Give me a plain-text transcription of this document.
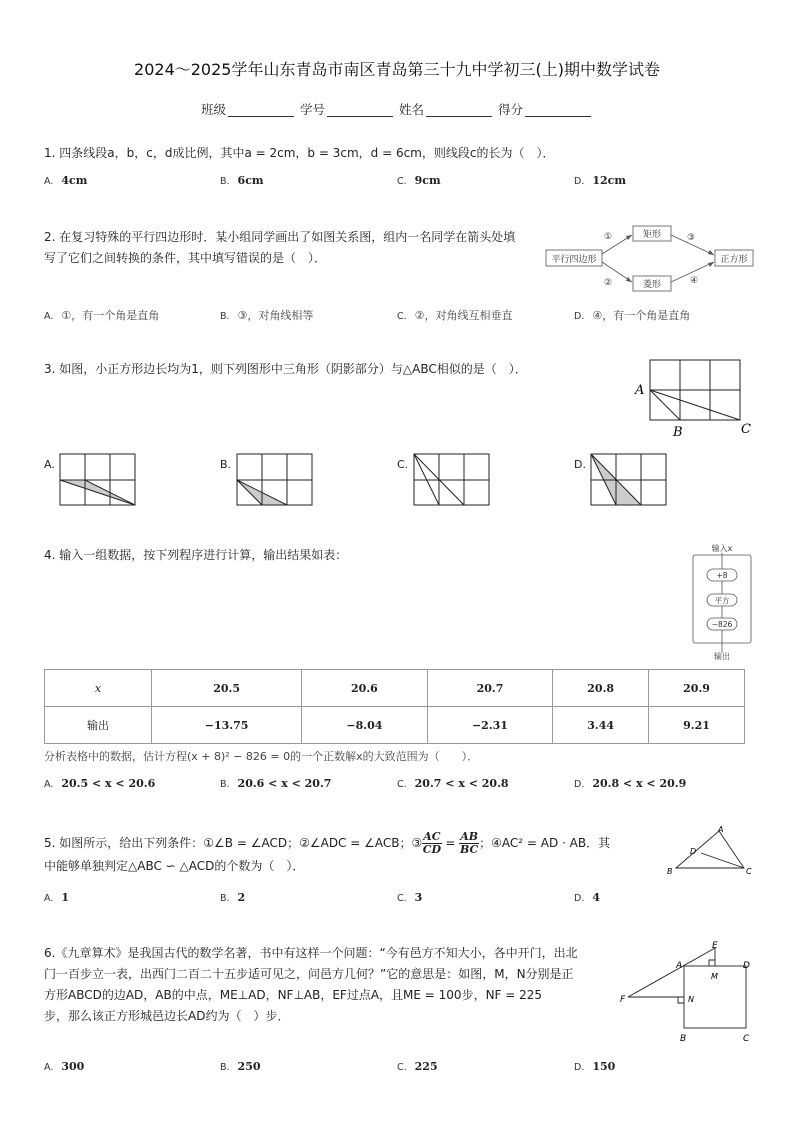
2024～2025学年山东青岛市南区青岛第三十九中学初三(上)期中数学试卷
班级	学号	姓名	得分
1. 四条线段a，b，c，d成比例，其中a = 2cm，b = 3cm，d = 6cm，则线段c的长为（　）．
A. 4cm	B. 6cm	C. 9cm	D. 12cm
2. 在复习特殊的平行四边形时．某小组同学画出了如图关系图，组内一名同学在箭头处填
写了它们之间转换的条件，其中填写错误的是（　）．	平行四边形
矩形
菱形
正方形
①
②
③
④
A. ①，有一个角是直角	B. ③，对角线相等	C. ②，对角线互相垂直	D. ④，有一个角是直角
3. 如图，小正方形边长均为1，则下列图形中三角形（阴影部分）与△ABC相似的是（　）．
A
B	C
A.	B.	C.	D.
4. 输入一组数据，按下列程序进行计算，输出结果如表：	输入x
+8
平方
−826
输出
x	20.5	20.6	20.7	20.8	20.9
输出	−13.75	−8.04	−2.31	3.44	9.21
分析表格中的数据，估计方程(x + 8)² − 826 = 0的一个正数解x的大致范围为（　　）．
A. 20.5 < x < 20.6	B. 20.6 < x < 20.7	C. 20.7 < x < 20.8	D. 20.8 < x < 20.9
5. 如图所示，给出下列条件：①∠B = ∠ACD；②∠ADC = ∠ACB；③ $\frac{AC}{CD} = \frac{AB}{BC}$ ；④AC² = AD · AB．其
中能够单独判定△ABC ∽ △ACD的个数为（　）．
A
D
B	C
A. 1	B. 2	C. 3	D. 4
6.《九章算术》是我国古代的数学名著，书中有这样一个问题：“今有邑方不知大小，各中开门，出北
门一百步立一表，出西门二百二十五步适可见之，问邑方几何？”它的意思是：如图，M，N分别是正
方形ABCD的边AD，AB的中点，ME⊥AD，NF⊥AB，EF过点A，且ME = 100步，NF = 225
步，那么该正方形城邑边长AD约为（　）步．
E
A	D
M
F	N
B	C
A. 300	B. 250	C. 225	D. 150
